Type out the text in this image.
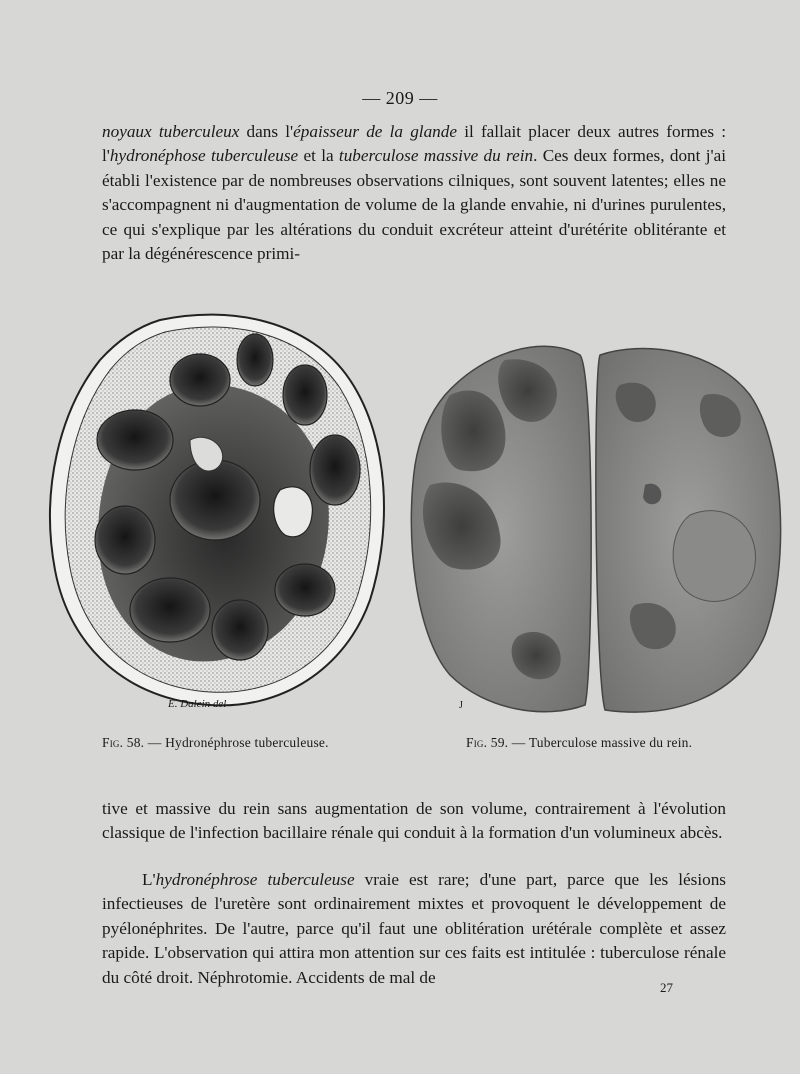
— 209 —

noyaux tuberculeux dans l'épaisseur de la glande il fallait placer deux autres formes : l'hydronéphose tuberculeuse et la tuberculose massive du rein. Ces deux formes, dont j'ai établi l'existence par de nombreuses observations cilniques, sont souvent latentes; elles ne s'accompagnent ni d'augmentation de volume de la glande envahie, ni d'urines purulentes, ce qui s'explique par les altérations du conduit excréteur atteint d'urétérite oblitérante et par la dégénérescence primi-

E. Dalein del	J
Fig. 58. — Hydronéphrose tuberculeuse.	Fig. 59. — Tuberculose massive du rein.

tive et massive du rein sans augmentation de son volume, contrairement à l'évolution classique de l'infection bacillaire rénale qui conduit à la formation d'un volumineux abcès.

L'hydronéphrose tuberculeuse vraie est rare; d'une part, parce que les lésions infectieuses de l'uretère sont ordinairement mixtes et provoquent le développement de pyélonéphrites. De l'autre, parce qu'il faut une oblitération urétérale complète et assez rapide. L'observation qui attira mon attention sur ces faits est intitulée : tuberculose rénale du côté droit. Néphrotomie. Accidents de mal de

27
